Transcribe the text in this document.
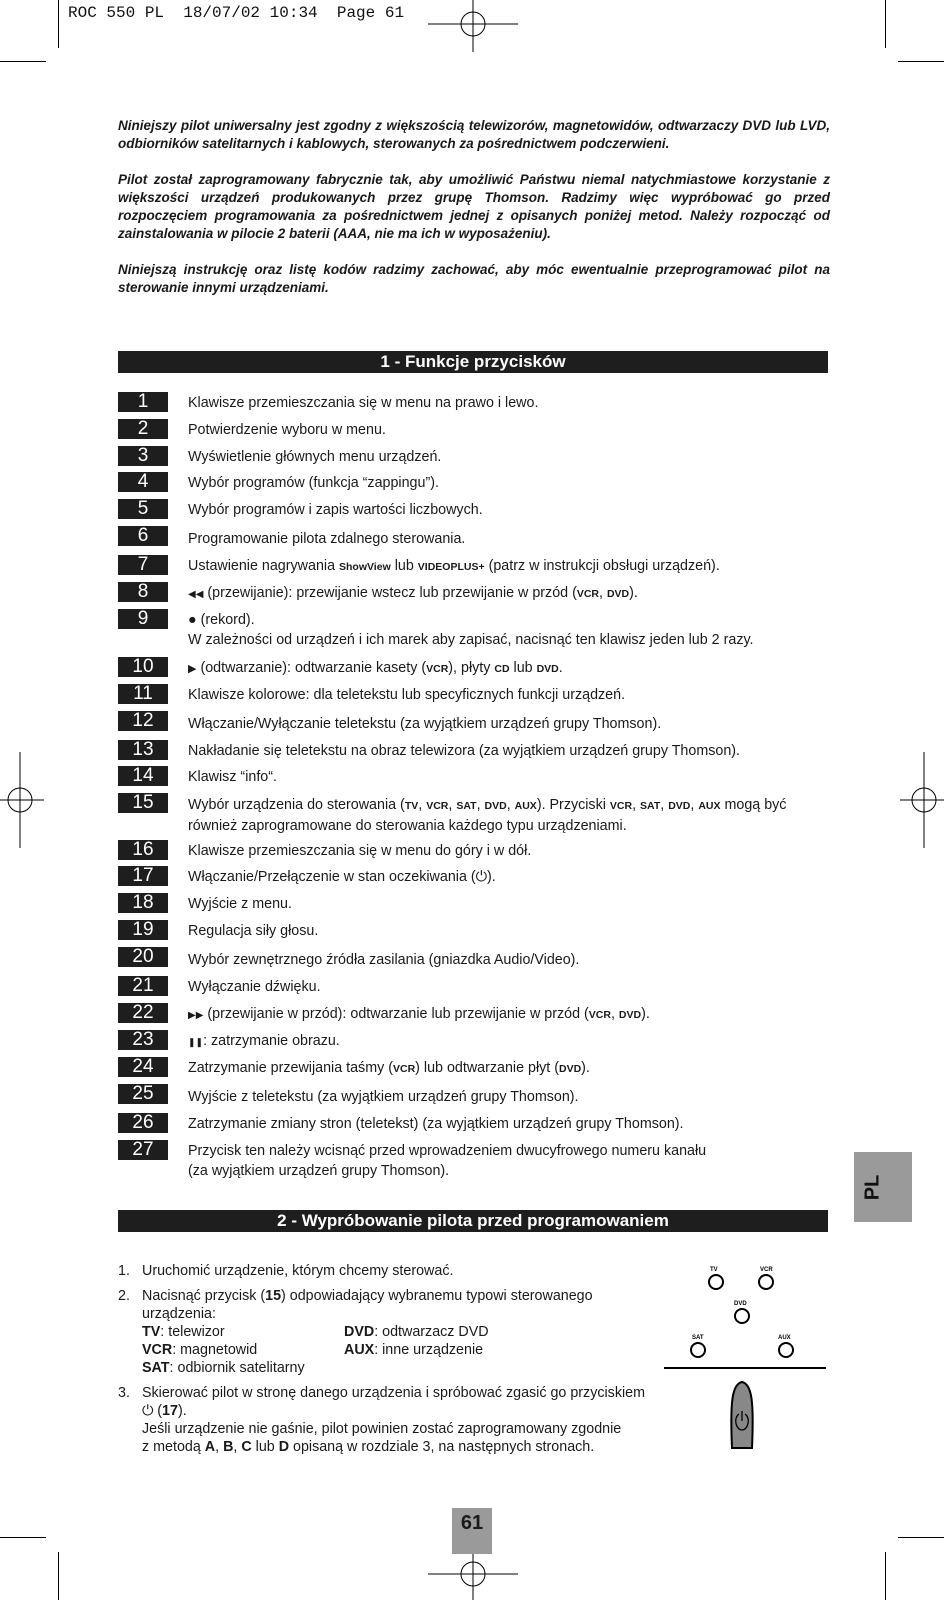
ROC 550 PL  18/07/02 10:34  Page 61
Niniejszy pilot uniwersalny jest zgodny z większością telewizorów, magnetowidów, odtwarzaczy DVD lub LVD, odbiorników satelitarnych i kablowych, sterowanych za pośrednictwem podczerwieni.
Pilot został zaprogramowany fabrycznie tak, aby umożliwić Państwu niemal natychmiastowe korzystanie z większości urządzeń produkowanych przez grupę Thomson. Radzimy więc wypróbować go przed rozpoczęciem programowania za pośrednictwem jednej z opisanych poniżej metod. Należy rozpocząć od zainstalowania w pilocie 2 baterii (AAA, nie ma ich w wyposażeniu).
Niniejszą instrukcję oraz listę kodów radzimy zachować, aby móc ewentualnie przeprogramować pilot na sterowanie innymi urządzeniami.
1 - Funkcje przycisków
1	Klawisze przemieszczania się w menu na prawo i lewo.
2	Potwierdzenie wyboru w menu.
3	Wyświetlenie głównych menu urządzeń.
4	Wybór programów (funkcja “zappingu”).
5	Wybór programów i zapis wartości liczbowych.
6	Programowanie pilota zdalnego sterowania.
7	Ustawienie nagrywania ShowView lub VIDEOPLUS+ (patrz w instrukcji obsługi urządzeń).
8	◀◀ (przewijanie): przewijanie wstecz lub przewijanie w przód (VCR, DVD).
9	● (rekord).
W zależności od urządzeń i ich marek aby zapisać, nacisnąć ten klawisz jeden lub 2 razy.
10	▶ (odtwarzanie): odtwarzanie kasety (VCR), płyty CD lub DVD.
11	Klawisze kolorowe: dla teletekstu lub specyficznych funkcji urządzeń.
12	Włączanie/Wyłączanie teletekstu (za wyjątkiem urządzeń grupy Thomson).
13	Nakładanie się teletekstu na obraz telewizora (za wyjątkiem urządzeń grupy Thomson).
14	Klawisz “info“.
15	Wybór urządzenia do sterowania (TV, VCR, SAT, DVD, AUX). Przyciski VCR, SAT, DVD, AUX mogą być
również zaprogramowane do sterowania każdego typu urządzeniami.
16	Klawisze przemieszczania się w menu do góry i w dół.
17	Włączanie/Przełączenie w stan oczekiwania (⏻).
18	Wyjście z menu.
19	Regulacja siły głosu.
20	Wybór zewnętrznego źródła zasilania (gniazdka Audio/Video).
21	Wyłączanie dźwięku.
22	▶▶ (przewijanie w przód): odtwarzanie lub przewijanie w przód (VCR, DVD).
23	❚❚: zatrzymanie obrazu.
24	Zatrzymanie przewijania taśmy (VCR) lub odtwarzanie płyt (DVD).
25	Wyjście z teletekstu (za wyjątkiem urządzeń grupy Thomson).
26	Zatrzymanie zmiany stron (teletekst) (za wyjątkiem urządzeń grupy Thomson).
27	Przycisk ten należy wcisnąć przed wprowadzeniem dwucyfrowego numeru kanału
(za wyjątkiem urządzeń grupy Thomson).
PL
2 - Wypróbowanie pilota przed programowaniem
1. Uruchomić urządzenie, którym chcemy sterować.
2. Nacisnąć przycisk (15) odpowiadający wybranemu typowi sterowanego
urządzenia:
TV: telewizor	DVD: odtwarzacz DVD
VCR: magnetowid	AUX: inne urządzenie
SAT: odbiornik satelitarny
3. Skierować pilot w stronę danego urządzenia i spróbować zgasić go przyciskiem
⏻ (17).
Jeśli urządzenie nie gaśnie, pilot powinien zostać zaprogramowany zgodnie
z metodą A, B, C lub D opisaną w rozdziale 3, na następnych stronach.
TV	VCR
DVD
SAT	AUX
61
